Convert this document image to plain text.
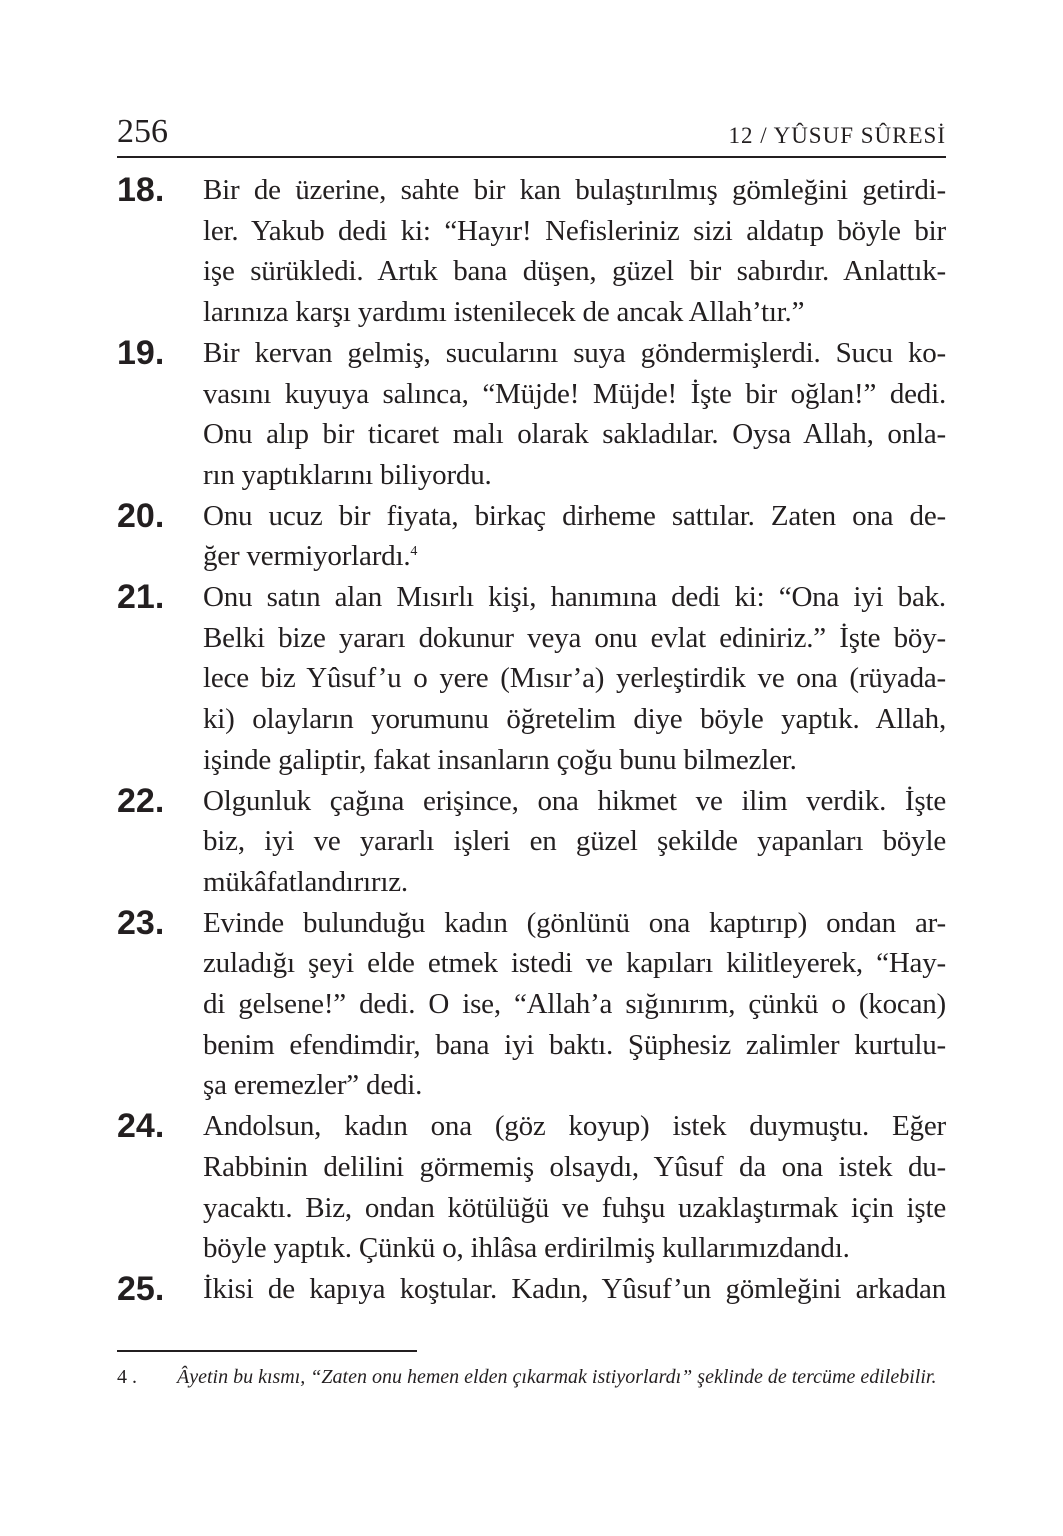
256	12 / YÛSUF SÛRESİ
18. Bir de üzerine, sahte bir kan bulaştırılmış gömleğini getirdi-
ler. Yakub dedi ki: “Hayır! Nefisleriniz sizi aldatıp böyle bir
işe sürükledi. Artık bana düşen, güzel bir sabırdır. Anlattık-
larınıza karşı yardımı istenilecek de ancak Allah’tır.”

19. Bir kervan gelmiş, sucularını suya göndermişlerdi. Sucu ko-
vasını kuyuya salınca, “Müjde! Müjde! İşte bir oğlan!” dedi.
Onu alıp bir ticaret malı olarak sakladılar. Oysa Allah, onla-
rın yaptıklarını biliyordu.

20. Onu ucuz bir fiyata, birkaç dirheme sattılar. Zaten ona de-
ğer vermiyorlardı.$^4$

21. Onu satın alan Mısırlı kişi, hanımına dedi ki: “Ona iyi bak.
Belki bize yararı dokunur veya onu evlat ediniriz.” İşte böy-
lece biz Yûsuf’u o yere (Mısır’a) yerleştirdik ve ona (rüyada-
ki) olayların yorumunu öğretelim diye böyle yaptık. Allah,
işinde galiptir, fakat insanların çoğu bunu bilmezler.

22. Olgunluk çağına erişince, ona hikmet ve ilim verdik. İşte
biz, iyi ve yararlı işleri en güzel şekilde yapanları böyle
mükâfatlandırırız.

23. Evinde bulunduğu kadın (gönlünü ona kaptırıp) ondan ar-
zuladığı şeyi elde etmek istedi ve kapıları kilitleyerek, “Hay-
di gelsene!” dedi. O ise, “Allah’a sığınırım, çünkü o (kocan)
benim efendimdir, bana iyi baktı. Şüphesiz zalimler kurtulu-
şa eremezler” dedi.

24. Andolsun, kadın ona (göz koyup) istek duymuştu. Eğer
Rabbinin delilini görmemiş olsaydı, Yûsuf da ona istek du-
yacaktı. Biz, ondan kötülüğü ve fuhşu uzaklaştırmak için işte
böyle yaptık. Çünkü o, ihlâsa erdirilmiş kullarımızdandı.

25. İkisi de kapıya koştular. Kadın, Yûsuf’un gömleğini arkadan

4 .	Âyetin bu kısmı, “Zaten onu hemen elden çıkarmak istiyorlardı” şeklinde de tercüme edilebilir.
